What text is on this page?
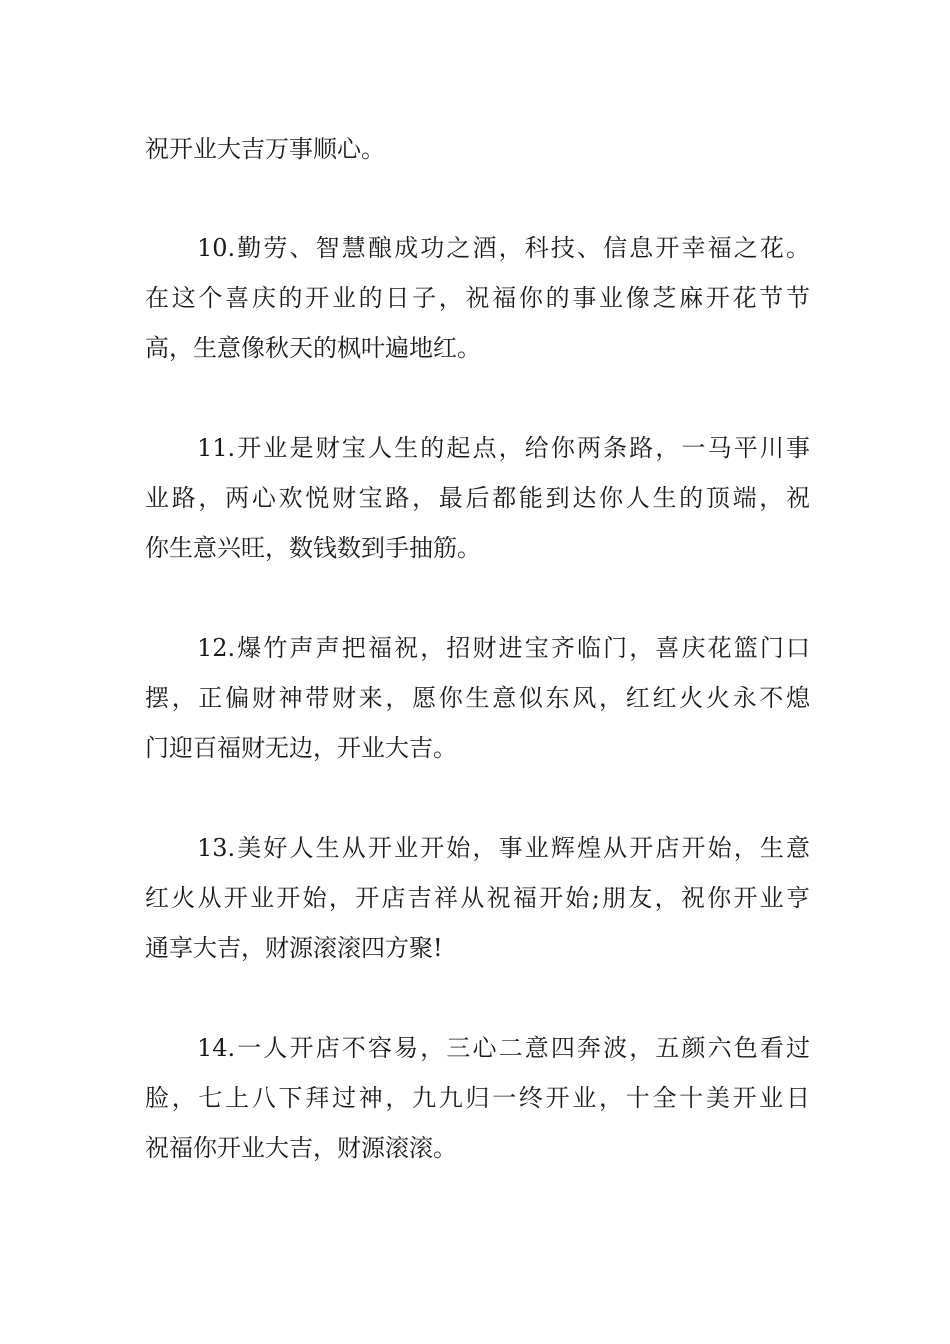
祝开业大吉万事顺心。
10.勤劳、智慧酿成功之酒，科技、信息开幸福之花。
在这个喜庆的开业的日子，祝福你的事业像芝麻开花节节
高，生意像秋天的枫叶遍地红。
11.开业是财宝人生的起点，给你两条路，一马平川事
业路，两心欢悦财宝路，最后都能到达你人生的顶端，祝
你生意兴旺，数钱数到手抽筋。
12.爆竹声声把福祝，招财进宝齐临门，喜庆花篮门口
摆，正偏财神带财来，愿你生意似东风，红红火火永不熄
门迎百福财无边，开业大吉。
13.美好人生从开业开始，事业辉煌从开店开始，生意
红火从开业开始，开店吉祥从祝福开始;朋友，祝你开业亨
通享大吉，财源滚滚四方聚!
14.一人开店不容易，三心二意四奔波，五颜六色看过
脸，七上八下拜过神，九九归一终开业，十全十美开业日
祝福你开业大吉，财源滚滚。
